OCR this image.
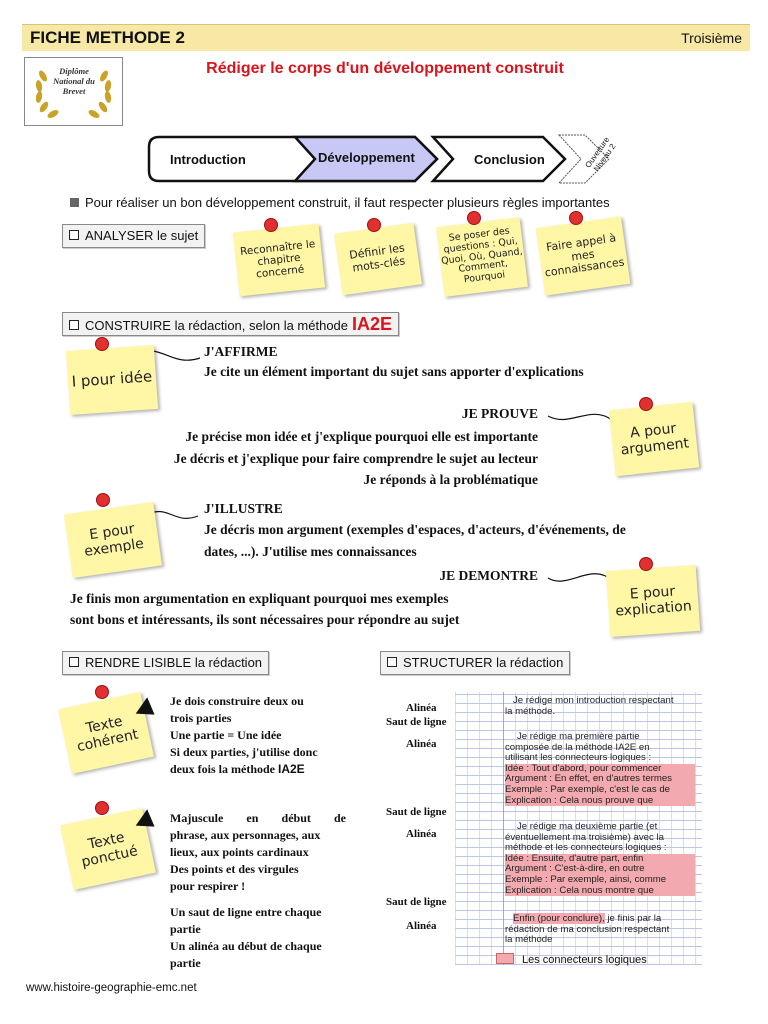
FICHE METHODE 2	Troisième
Diplôme National du Brevet
Rédiger le corps d'un développement construit
Introduction	Développement	Conclusion	Ouverture Niveau 2
Pour réaliser un bon développement construit, il faut respecter plusieurs règles importantes
ANALYSER le sujet
Reconnaître le chapitre concerné
Définir les mots-clés
Se poser des questions : Qui, Quoi, Où, Quand, Comment, Pourquoi
Faire appel à mes connaissances
CONSTRUIRE la rédaction, selon la méthode IA2E
I pour idée
J'AFFIRME
Je cite un élément important du sujet sans apporter d'explications
JE PROUVE
Je précise mon idée et j'explique pourquoi elle est importante
Je décris et j'explique pour faire comprendre le sujet au lecteur
Je réponds à la problématique
A pour argument
E pour exemple
J'ILLUSTRE
Je décris mon argument (exemples d'espaces, d'acteurs, d'événements, de
dates, ...). J'utilise mes connaissances
JE DEMONTRE
Je finis mon argumentation en expliquant pourquoi mes exemples
sont bons et intéressants, ils sont nécessaires pour répondre au sujet
E pour explication
RENDRE LISIBLE la rédaction
Texte cohérent
Je dois construire deux ou
trois parties
Une partie = Une idée
Si deux parties, j'utilise donc
deux fois la méthode IA2E
Texte ponctué
Majuscule en début de
phrase, aux personnages, aux
lieux, aux points cardinaux
Des points et des virgules
pour respirer !
Un saut de ligne entre chaque
partie
Un alinéa au début de chaque
partie
STRUCTURER la rédaction
Je rédige mon introduction respectant
la méthode.
Je rédige ma première partie
composée de la méthode IA2E en
utilisant les connecteurs logiques :
Idée : Tout d'abord, pour commencer
Argument : En effet, en d'autres termes
Exemple : Par exemple, c'est le cas de
Explication : Cela nous prouve que
Je rédige ma deuxième partie (et
éventuellement ma troisième) avec la
méthode et les connecteurs logiques :
Idée : Ensuite, d'autre part, enfin
Argument : C'est-à-dire, en outre
Exemple : Par exemple, ainsi, comme
Explication : Cela nous montre que
Enfin (pour conclure), je finis par la
rédaction de ma conclusion respectant
la méthode
Alinéa
Saut de ligne
Alinéa
Saut de ligne
Alinéa
Saut de ligne
Alinéa
Les connecteurs logiques
www.histoire-geographie-emc.net
